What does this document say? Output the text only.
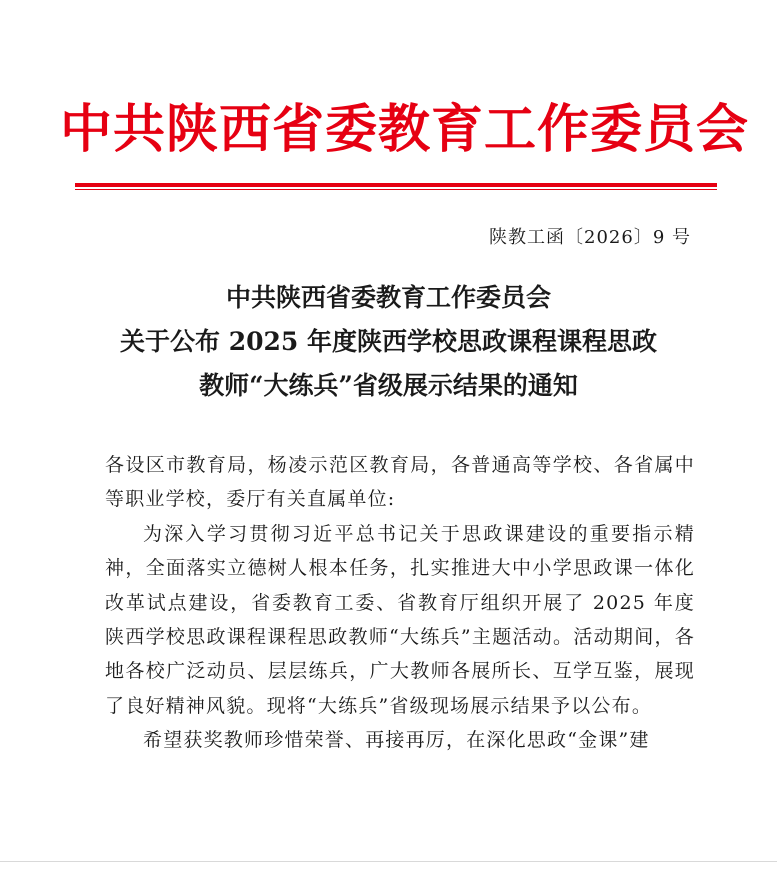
中共陕西省委教育工作委员会
陕教工函〔2026〕9 号
中共陕西省委教育工作委员会
关于公布 2025 年度陕西学校思政课程课程思政
教师“大练兵”省级展示结果的通知

各设区市教育局，杨凌示范区教育局，各普通高等学校、各省属中等职业学校，委厅有关直属单位:

为深入学习贯彻习近平总书记关于思政课建设的重要指示精神，全面落实立德树人根本任务，扎实推进大中小学思政课一体化改革试点建设，省委教育工委、省教育厅组织开展了 2025 年度陕西学校思政课程课程思政教师“大练兵”主题活动。活动期间，各地各校广泛动员、层层练兵，广大教师各展所长、互学互鉴，展现了良好精神风貌。现将“大练兵”省级现场展示结果予以公布。

希望获奖教师珍惜荣誉、再接再厉，在深化思政“金课”建
